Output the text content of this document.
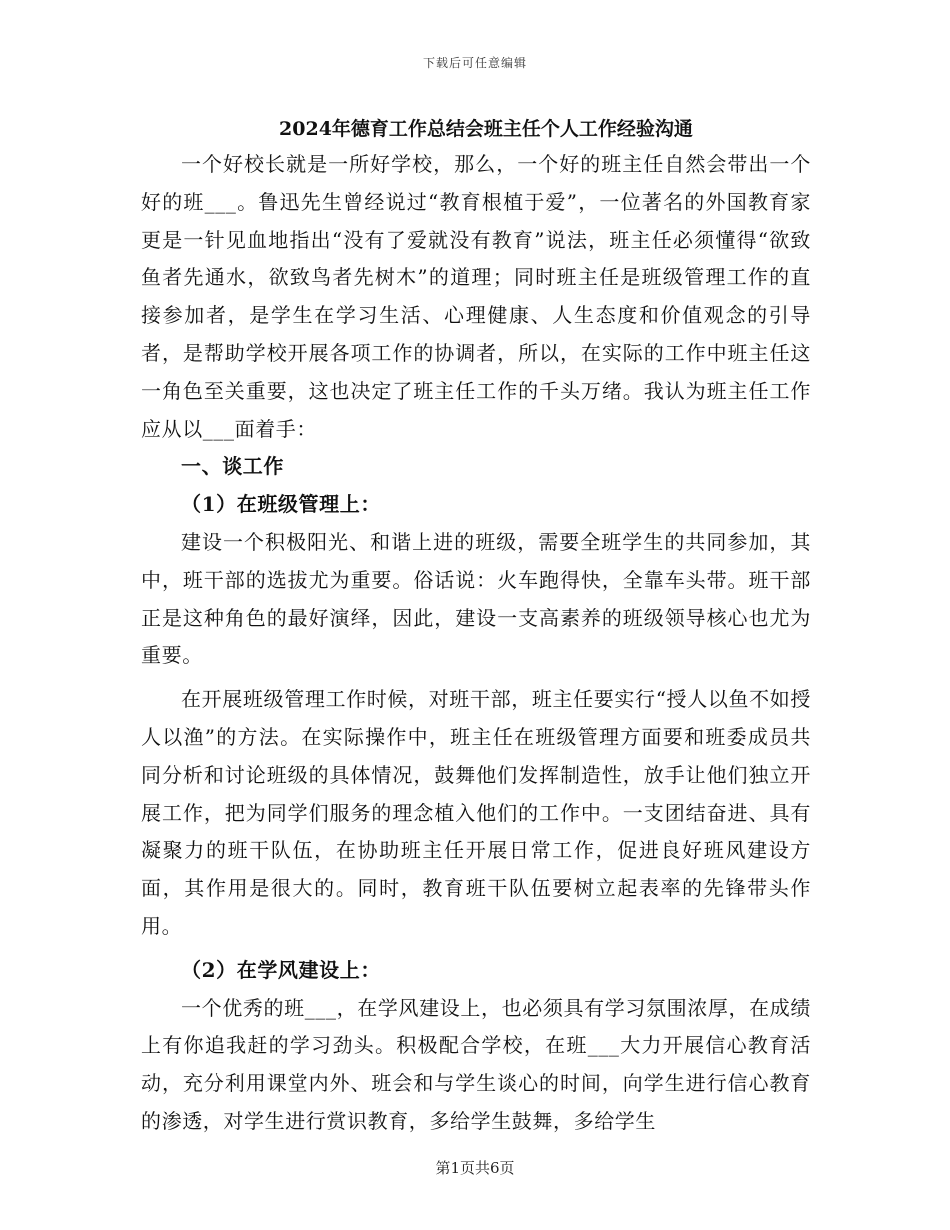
下载后可任意编辑
2024年德育工作总结会班主任个人工作经验沟通

一个好校长就是一所好学校，那么，一个好的班主任自然会带出一个好的班___。鲁迅先生曾经说过“教育根植于爱”，一位著名的外国教育家更是一针见血地指出“没有了爱就没有教育”说法，班主任必须懂得“欲致鱼者先通水，欲致鸟者先树木”的道理；同时班主任是班级管理工作的直接参加者，是学生在学习生活、心理健康、人生态度和价值观念的引导者，是帮助学校开展各项工作的协调者，所以，在实际的工作中班主任这一角色至关重要，这也决定了班主任工作的千头万绪。我认为班主任工作应从以___面着手：

一、谈工作

（1）在班级管理上：

建设一个积极阳光、和谐上进的班级，需要全班学生的共同参加，其中，班干部的选拔尤为重要。俗话说：火车跑得快，全靠车头带。班干部正是这种角色的最好演绎，因此，建设一支高素养的班级领导核心也尤为重要。

在开展班级管理工作时候，对班干部，班主任要实行“授人以鱼不如授人以渔”的方法。在实际操作中，班主任在班级管理方面要和班委成员共同分析和讨论班级的具体情况，鼓舞他们发挥制造性，放手让他们独立开展工作，把为同学们服务的理念植入他们的工作中。一支团结奋进、具有凝聚力的班干队伍，在协助班主任开展日常工作，促进良好班风建设方面，其作用是很大的。同时，教育班干队伍要树立起表率的先锋带头作用。

（2）在学风建设上：

一个优秀的班___，在学风建设上，也必须具有学习氛围浓厚，在成绩上有你追我赶的学习劲头。积极配合学校，在班___大力开展信心教育活动，充分利用课堂内外、班会和与学生谈心的时间，向学生进行信心教育的渗透，对学生进行赏识教育，多给学生鼓舞，多给学生

第1页共6页
